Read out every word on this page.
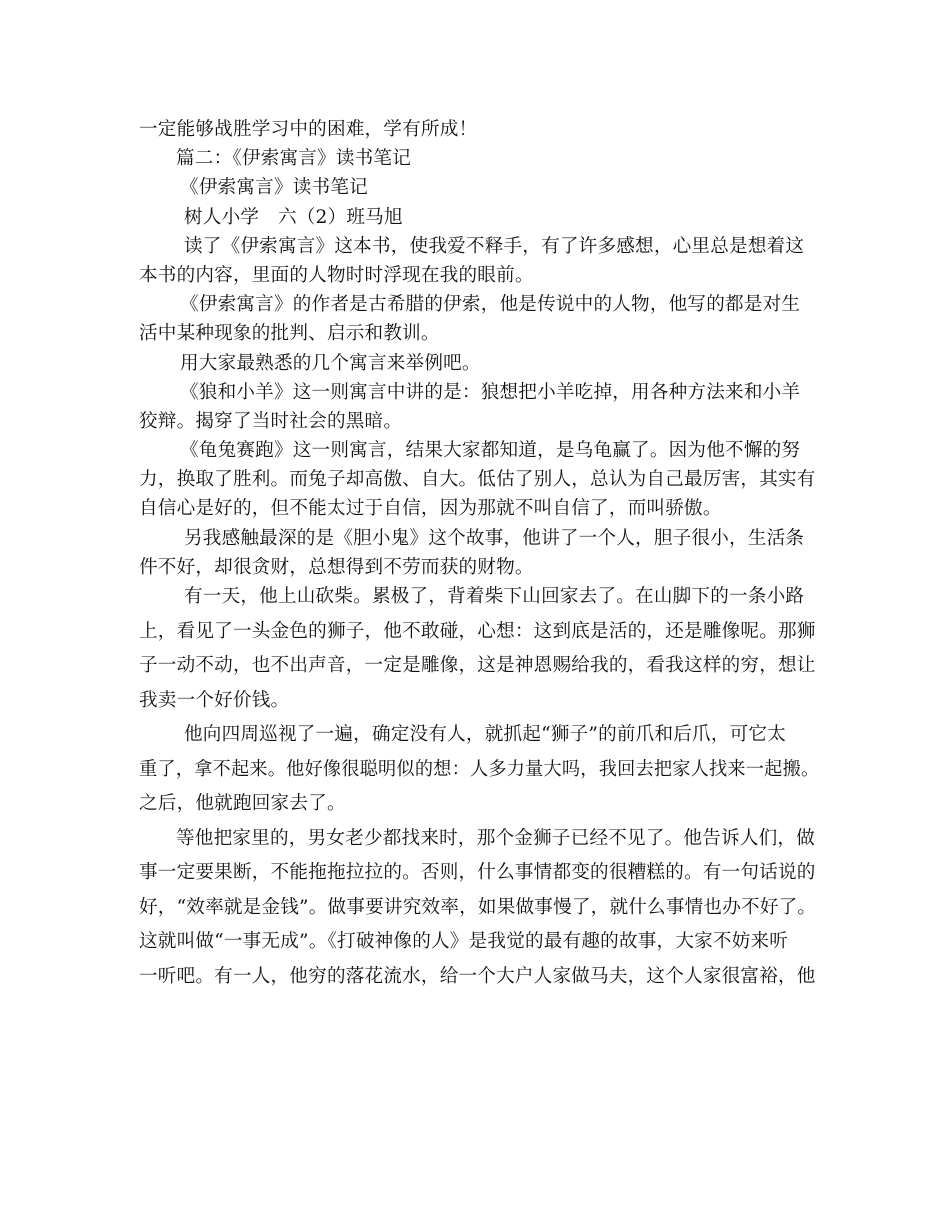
一定能够战胜学习中的困难，学有所成！
篇二：《伊索寓言》读书笔记
《伊索寓言》读书笔记
树人小学　六（2）班马旭
读了《伊索寓言》这本书，使我爱不释手，有了许多感想，心里总是想着这
本书的内容，里面的人物时时浮现在我的眼前。
《伊索寓言》的作者是古希腊的伊索，他是传说中的人物，他写的都是对生
活中某种现象的批判、启示和教训。
用大家最熟悉的几个寓言来举例吧。
《狼和小羊》这一则寓言中讲的是：狼想把小羊吃掉，用各种方法来和小羊
狡辩。揭穿了当时社会的黑暗。
《龟兔赛跑》这一则寓言，结果大家都知道，是乌龟赢了。因为他不懈的努
力，换取了胜利。而兔子却高傲、自大。低估了别人，总认为自己最厉害，其实有
自信心是好的，但不能太过于自信，因为那就不叫自信了，而叫骄傲。
另我感触最深的是《胆小鬼》这个故事，他讲了一个人，胆子很小，生活条
件不好，却很贪财，总想得到不劳而获的财物。
有一天，他上山砍柴。累极了，背着柴下山回家去了。在山脚下的一条小路
上，看见了一头金色的狮子，他不敢碰，心想：这到底是活的，还是雕像呢。那狮
子一动不动，也不出声音，一定是雕像，这是神恩赐给我的，看我这样的穷，想让
我卖一个好价钱。
他向四周巡视了一遍，确定没有人，就抓起“狮子”的前爪和后爪，可它太
重了，拿不起来。他好像很聪明似的想：人多力量大吗，我回去把家人找来一起搬。
之后，他就跑回家去了。
等他把家里的，男女老少都找来时，那个金狮子已经不见了。他告诉人们，做
事一定要果断，不能拖拖拉拉的。否则，什么事情都变的很糟糕的。有一句话说的
好，“效率就是金钱”。做事要讲究效率，如果做事慢了，就什么事情也办不好了。
这就叫做“一事无成”。《打破神像的人》是我觉的最有趣的故事，大家不妨来听
一听吧。有一人，他穷的落花流水，给一个大户人家做马夫，这个人家很富裕，他
